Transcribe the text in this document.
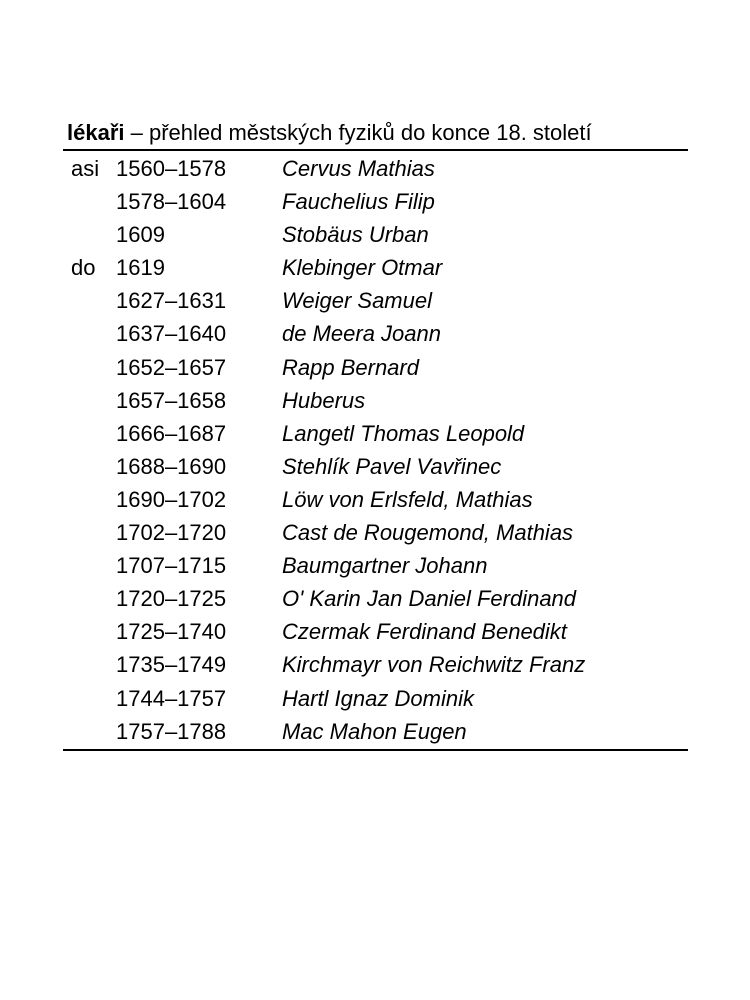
lékaři – přehled městských fyziků do konce 18. století
asi 1560–1578	Cervus Mathias
1578–1604	Fauchelius Filip
1609	Stobäus Urban
do 1619	Klebinger Otmar
1627–1631	Weiger Samuel
1637–1640	de Meera Joann
1652–1657	Rapp Bernard
1657–1658	Huberus
1666–1687	Langetl Thomas Leopold
1688–1690	Stehlík Pavel Vavřinec
1690–1702	Löw von Erlsfeld, Mathias
1702–1720	Cast de Rougemond, Mathias
1707–1715	Baumgartner Johann
1720–1725	O' Karin Jan Daniel Ferdinand
1725–1740	Czermak Ferdinand Benedikt
1735–1749	Kirchmayr von Reichwitz Franz
1744–1757	Hartl Ignaz Dominik
1757–1788	Mac Mahon Eugen
